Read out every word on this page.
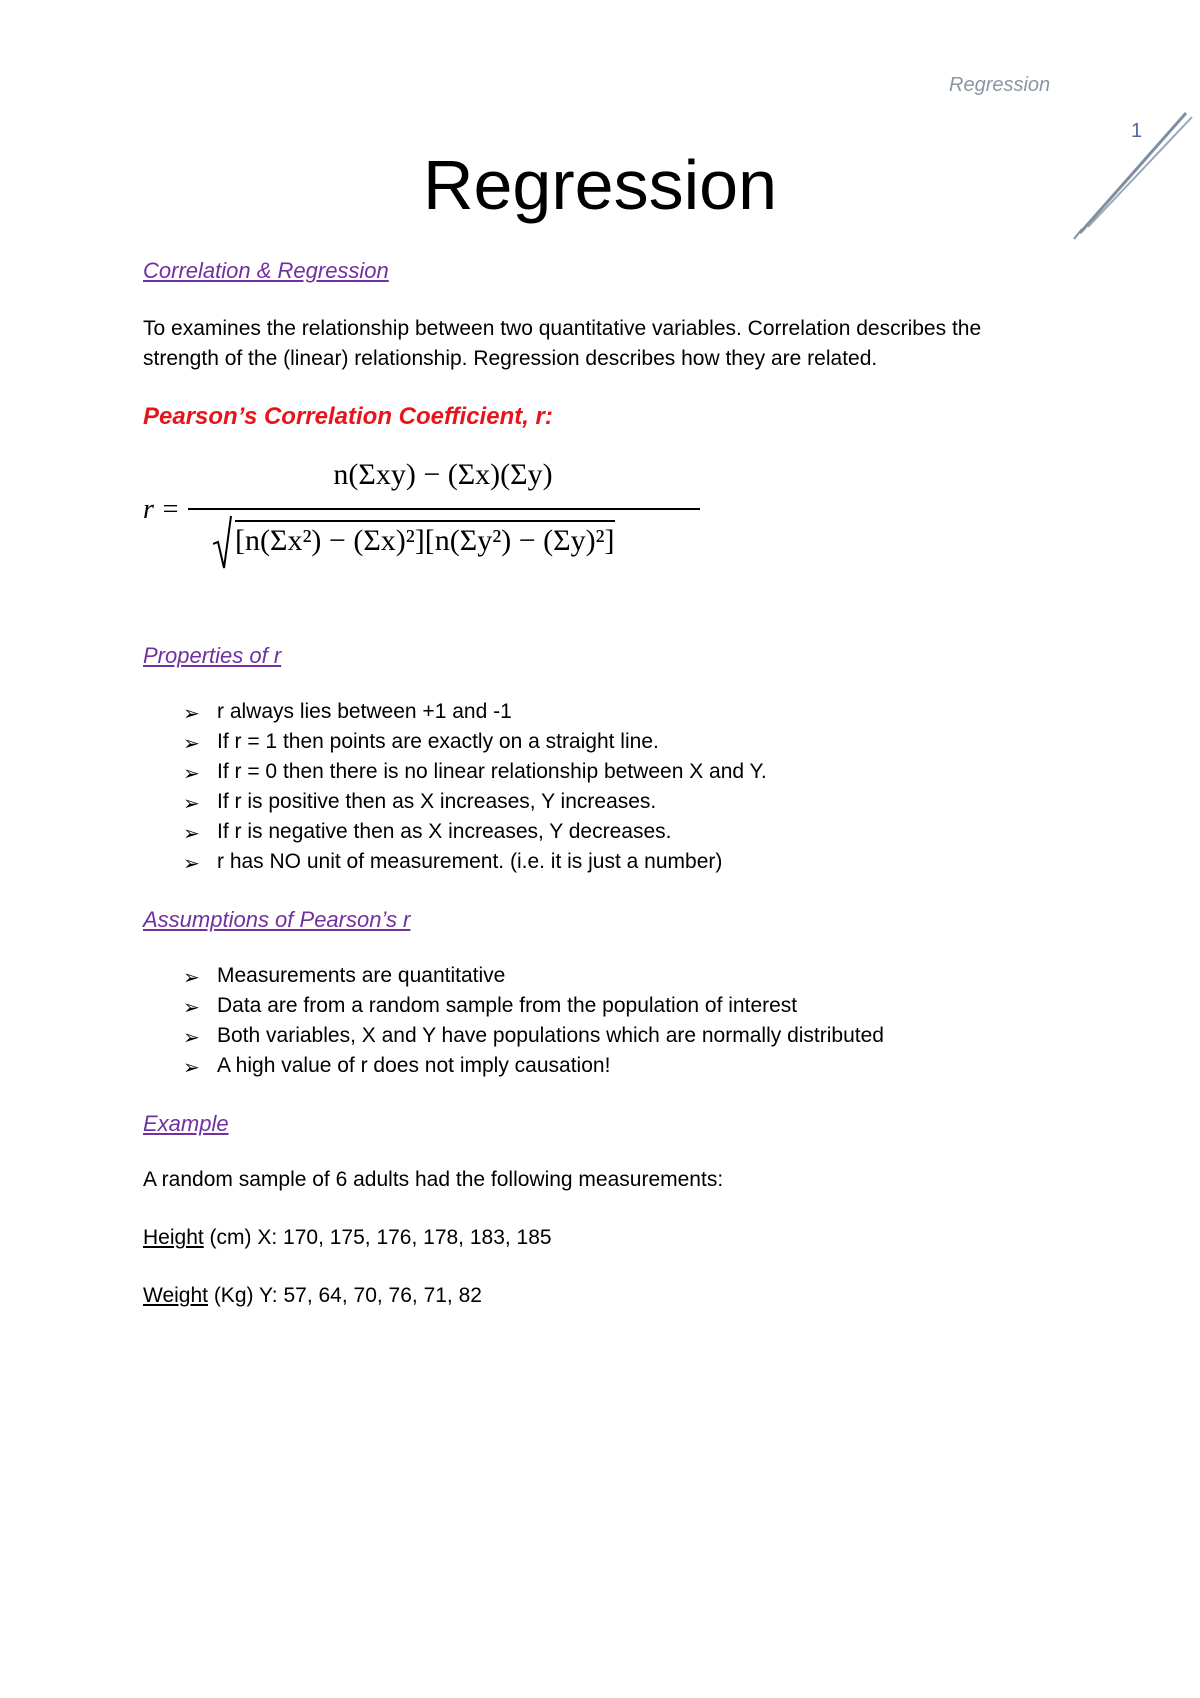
Regression
1
Regression
Correlation & Regression

To examines the relationship between two quantitative variables. Correlation describes the

strength of the (linear) relationship. Regression describes how they are related.

Pearson’s Correlation Coefficient, r:
r =
n(Σxy) − (Σx)(Σy)
[n(Σx²) − (Σx)²][n(Σy²) − (Σy)²]
Properties of r
➢ r always lies between +1 and -1
➢ If r = 1 then points are exactly on a straight line.
➢ If r = 0 then there is no linear relationship between X and Y.
➢ If r is positive then as X increases, Y increases.
➢ If r is negative then as X increases, Y decreases.
➢ r has NO unit of measurement. (i.e. it is just a number)
Assumptions of Pearson’s r
➢ Measurements are quantitative
➢ Data are from a random sample from the population of interest
➢ Both variables, X and Y have populations which are normally distributed
➢ A high value of r does not imply causation!
Example
A random sample of 6 adults had the following measurements:
Height (cm) X: 170, 175, 176, 178, 183, 185
Weight (Kg) Y: 57, 64, 70, 76, 71, 82
